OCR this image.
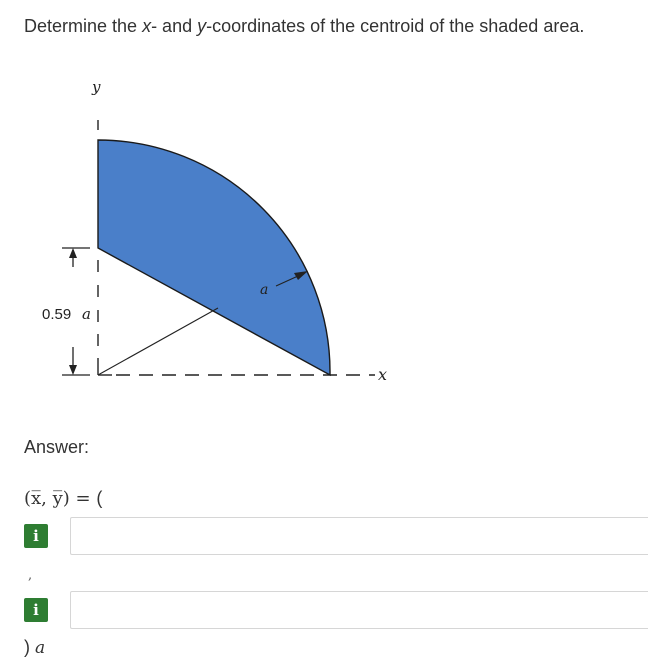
Determine the x- and y-coordinates of the centroid of the shaded area.
a
y
x
0.59 a
Answer:
(x̅, y̅) = (
i
,
i
) a
